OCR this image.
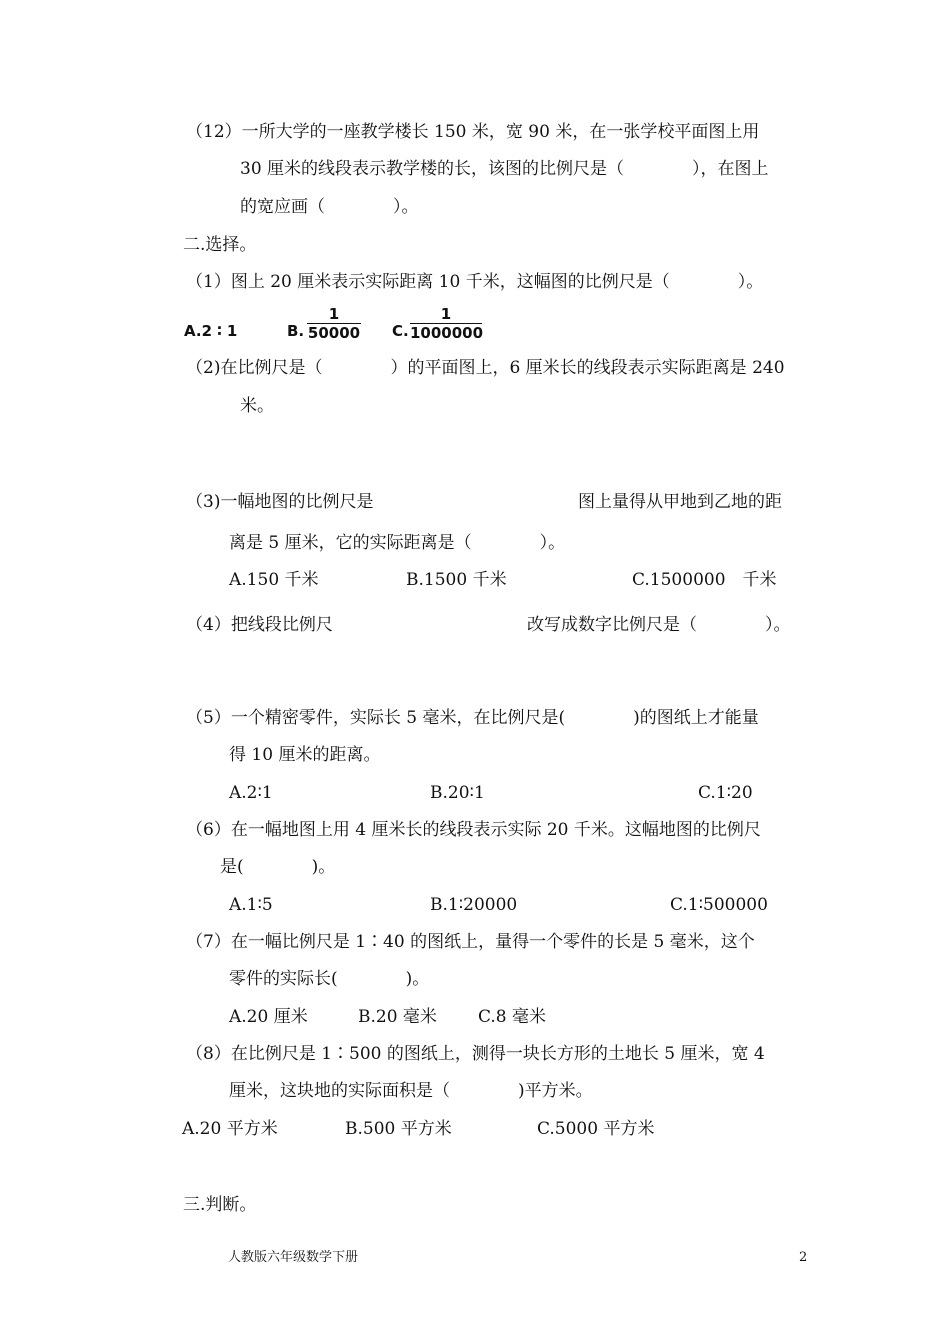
（12）一所大学的一座教学楼长 150 米，宽 90 米，在一张学校平面图上用
30 厘米的线段表示教学楼的长，该图的比例尺是（　　　　），在图上
的宽应画（　　　　）。
二.选择。
（1）图上 20 厘米表示实际距离 10 千米，这幅图的比例尺是（　　　　）。
A.2 ∶ 1	B.
1
50000 C.
1
1000000
（2)在比例尺是（　　　　）的平面图上，6 厘米长的线段表示实际距离是 240
米。
（3)一幅地图的比例尺是	图上量得从甲地到乙地的距
离是 5 厘米，它的实际距离是（　　　　）。
A.150 千米	B.1500 千米	C.1500000　千米
（4）把线段比例尺	改写成数字比例尺是（　　　　）。
（5）一个精密零件，实际长 5 毫米，在比例尺是(　　　　)的图纸上才能量
得 10 厘米的距离。
A.2∶1	B.20∶1	C.1∶20
（6）在一幅地图上用 4 厘米长的线段表示实际 20 千米。这幅地图的比例尺
是(　　　　)。
A.1∶5	B.1∶20000	C.1∶500000
（7）在一幅比例尺是 1∶40 的图纸上，量得一个零件的长是 5 毫米，这个
零件的实际长(　　　　)。
A.20 厘米	B.20 毫米 C.8 毫米
（8）在比例尺是 1∶500 的图纸上，测得一块长方形的土地长 5 厘米，宽 4
厘米，这块地的实际面积是（　　　　)平方米。
A.20 平方米	B.500 平方米	C.5000 平方米
三.判断。
人教版六年级数学下册	2
